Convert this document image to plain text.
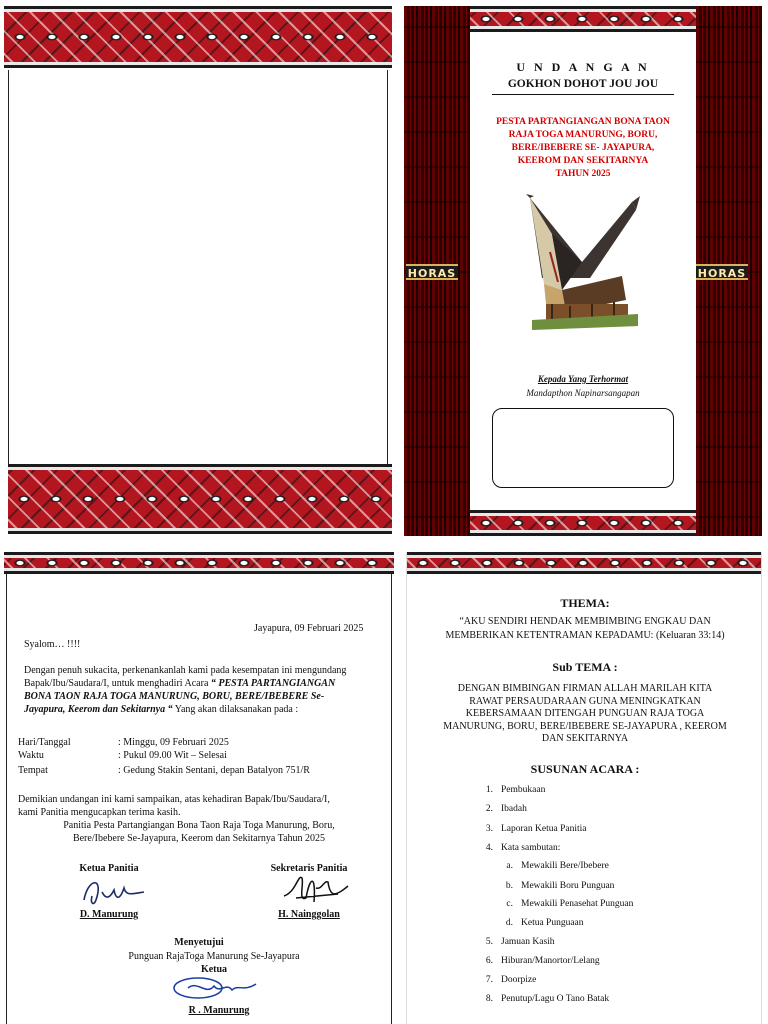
HORAS	HORAS
U N D A N G A N
GOKHON DOHOT JOU JOU
PESTA PARTANGIANGAN BONA TAON
RAJA TOGA MANURUNG, BORU,
BERE/IBEBERE SE- JAYAPURA,
KEEROM DAN SEKITARNYA
TAHUN 2025
Kepada Yang Terhormat
Mandapthon Napinarsangapan
Jayapura, 09 Februari 2025
Syalom… !!!!
Dengan penuh sukacita, perkenankanlah kami pada kesempatan ini mengundang
Bapak/Ibu/Saudara/I, untuk menghadiri Acara “ PESTA PARTANGIANGAN
BONA TAON RAJA TOGA MANURUNG, BORU, BERE/IBEBERE Se-
Jayapura, Keerom dan Sekitarnya “ Yang akan dilaksanakan pada :
Hari/Tanggal	: Minggu, 09 Februari 2025
Waktu	: Pukul 09.00 Wit – Selesai
Tempat	: Gedung Stakin Sentani, depan Batalyon 751/R
Demikian undangan ini kami sampaikan, atas kehadiran Bapak/Ibu/Saudara/I,
kami Panitia mengucapkan terima kasih.
Panitia Pesta Partangiangan Bona Taon Raja Toga Manurung, Boru,
Bere/Ibebere Se-Jayapura, Keerom dan Sekitarnya Tahun 2025
Ketua Panitia
D. Manurung
Sekretaris Panitia
H. Nainggolan
Menyetujui
Punguan RajaToga Manurung Se-Jayapura
Ketua
R . Manurung
THEMA:
“AKU SENDIRI HENDAK MEMBIMBING ENGKAU DAN
MEMBERIKAN KETENTRAMAN KEPADAMU: (Keluaran 33:14)
Sub TEMA :
DENGAN BIMBINGAN FIRMAN ALLAH MARILAH KITA
RAWAT PERSAUDARAAN GUNA MENINGKATKAN
KEBERSAMAAN DITENGAH PUNGUAN RAJA TOGA
MANURUNG, BORU, BERE/IBEBERE SE-JAYAPURA , KEEROM
DAN SEKITARNYA
SUSUNAN ACARA :
1. Pembukaan
2. Ibadah
3. Laporan Ketua Panitia
4. Kata sambutan:
a. Mewakili Bere/Ibebere
b. Mewakili Boru Punguan
c. Mewakili Penasehat Punguan
d. Ketua Punguaan
5. Jamuan Kasih
6. Hiburan/Manortor/Lelang
7. Doorpize
8. Penutup/Lagu O Tano Batak
